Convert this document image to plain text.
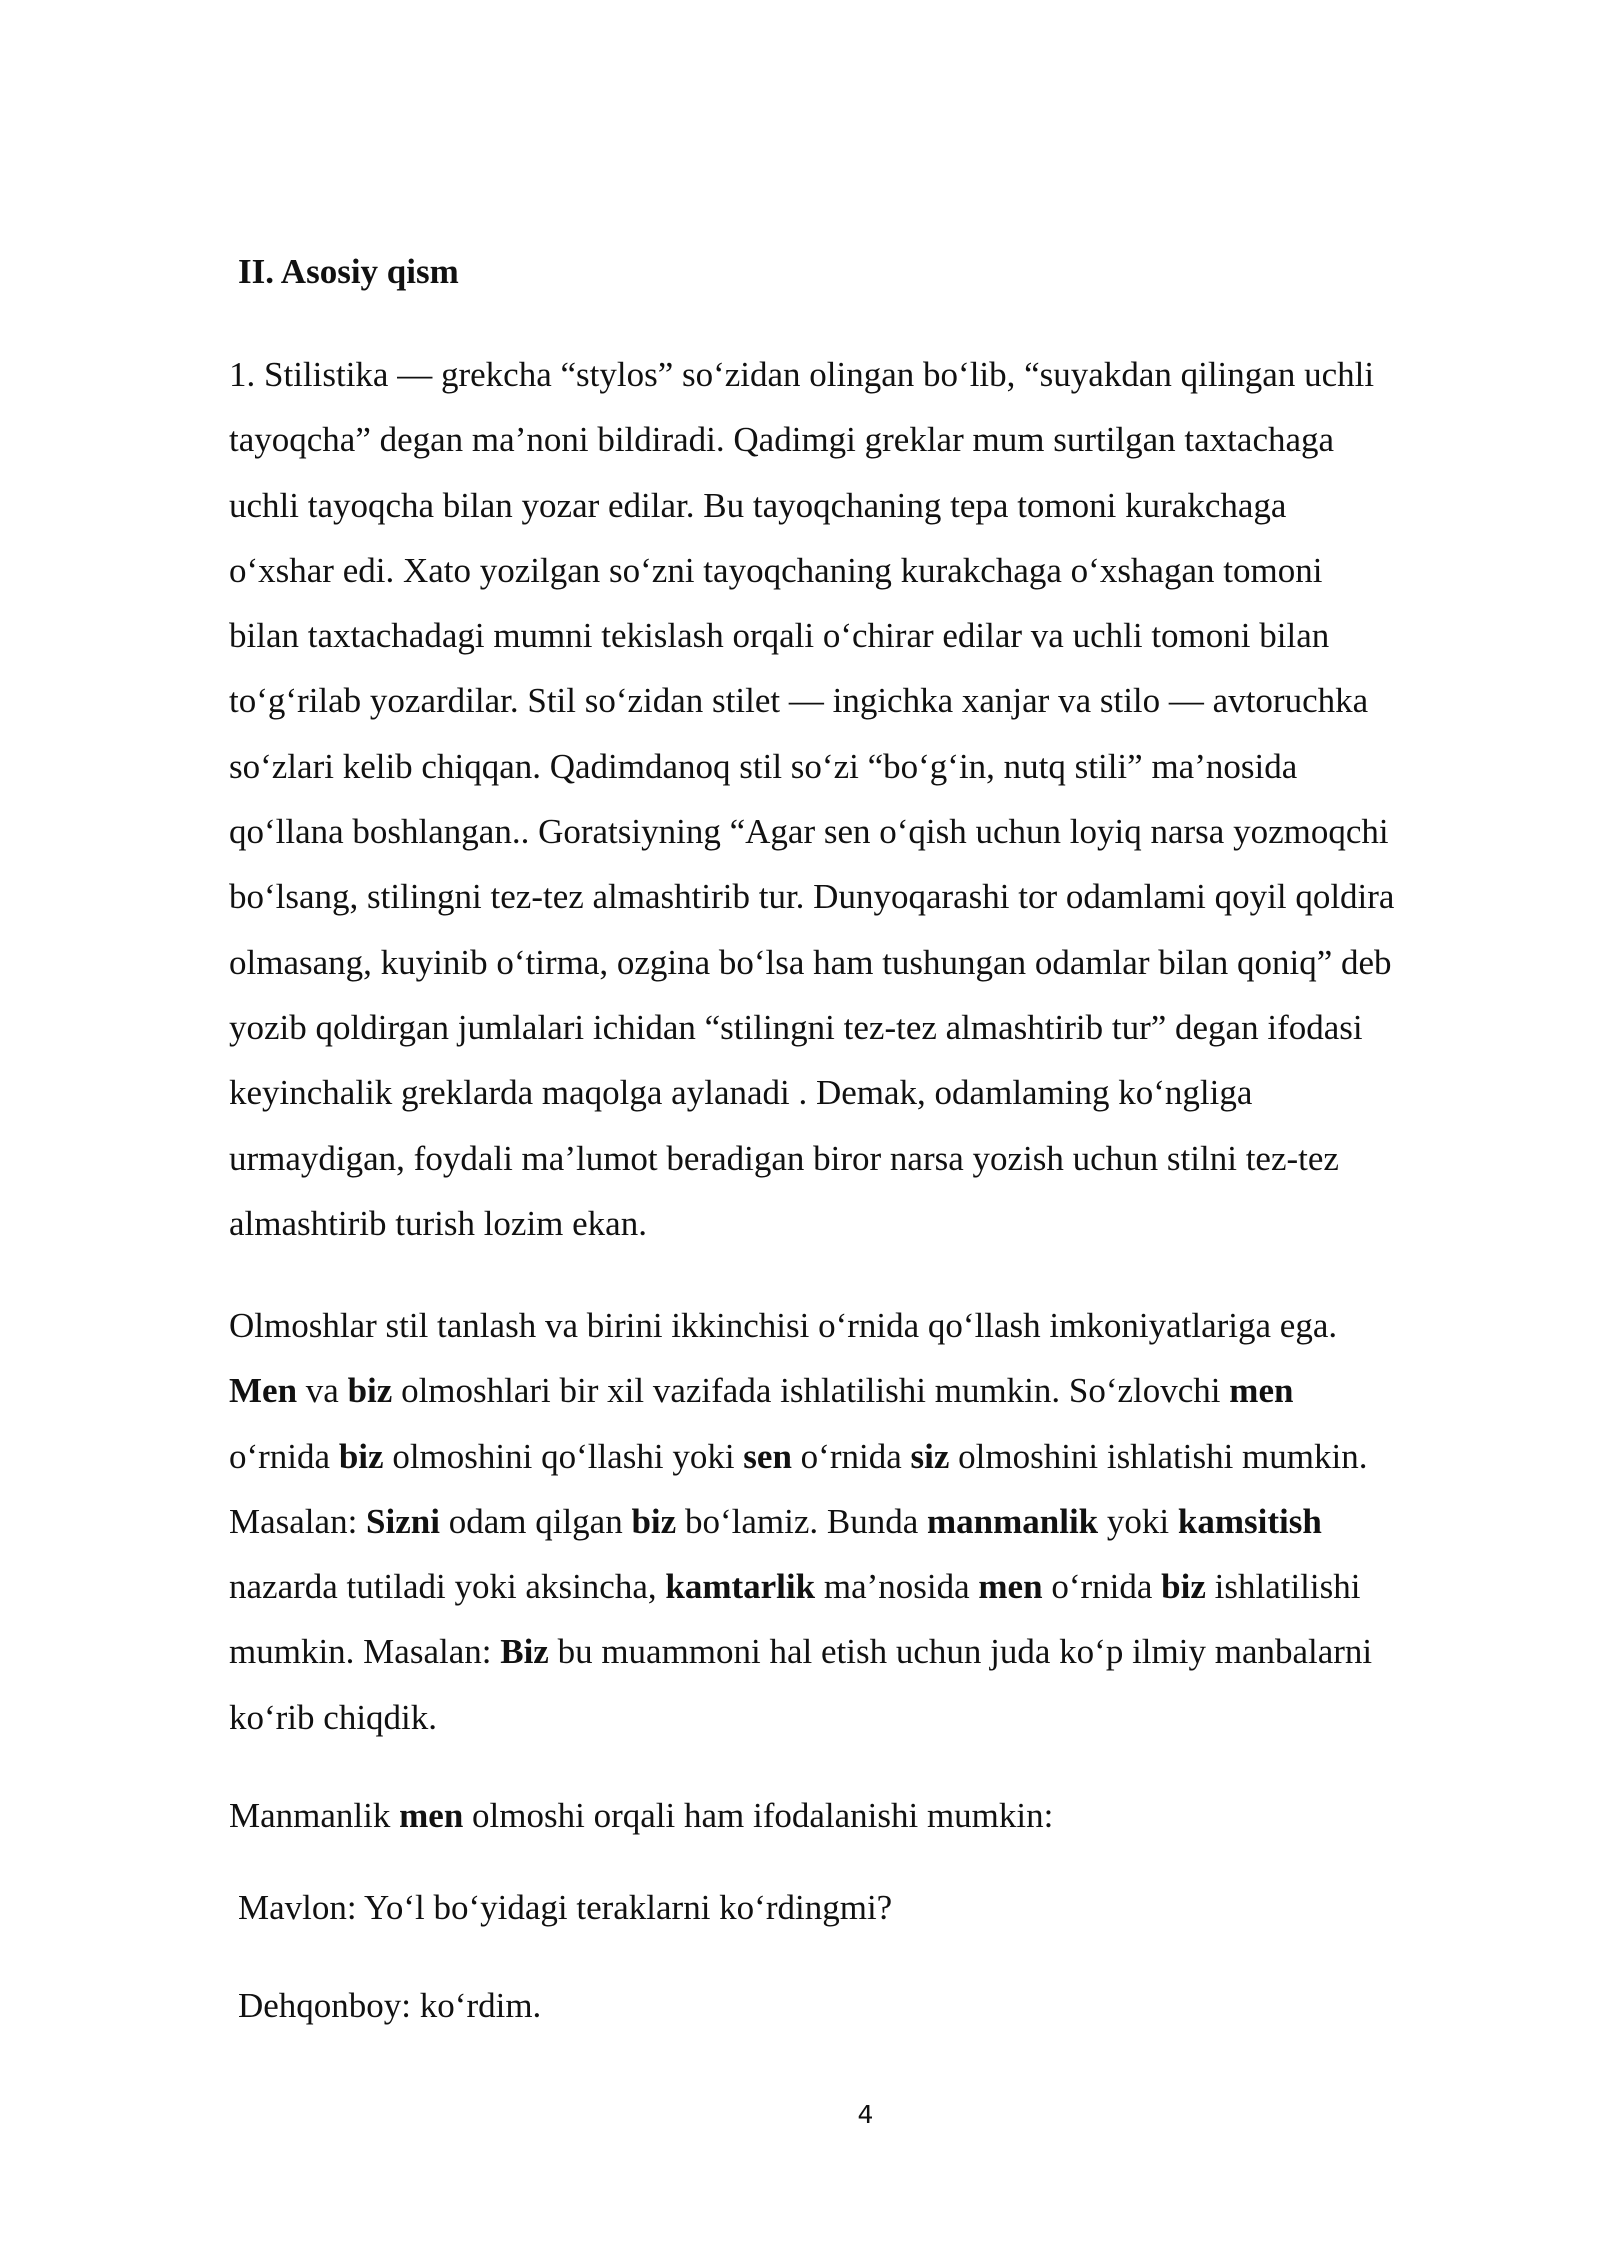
II. Asosiy qism

1. Stilistika — grekcha “stylos” so‘zidan olingan bo‘lib, “suyakdan qilingan uchli
tayoqcha” degan ma’noni bildiradi. Qadimgi greklar mum surtilgan taxtachaga
uchli tayoqcha bilan yozar edilar. Bu tayoqchaning tepa tomoni kurakchaga
o‘xshar edi. Xato yozilgan so‘zni tayoqchaning kurakchaga o‘xshagan tomoni
bilan taxtachadagi mumni tekislash orqali o‘chirar edilar va uchli tomoni bilan
to‘g‘rilab yozardilar. Stil so‘zidan stilet — ingichka xanjar va stilo — avtoruchka
so‘zlari kelib chiqqan. Qadimdanoq stil so‘zi “bo‘g‘in, nutq stili” ma’nosida
qo‘llana boshlangan.. Goratsiyning “Agar sen o‘qish uchun loyiq narsa yozmoqchi
bo‘lsang, stilingni tez-tez almashtirib tur. Dunyoqarashi tor odamlami qoyil qoldira
olmasang, kuyinib o‘tirma, ozgina bo‘lsa ham tushungan odamlar bilan qoniq” deb
yozib qoldirgan jumlalari ichidan “stilingni tez-tez almashtirib tur” degan ifodasi
keyinchalik greklarda maqolga aylanadi . Demak, odamlaming ko‘ngliga
urmaydigan, foydali ma’lumot beradigan biror narsa yozish uchun stilni tez-tez
almashtirib turish lozim ekan.

Olmoshlar stil tanlash va birini ikkinchisi o‘rnida qo‘llash imkoniyatlariga ega.
Men va biz olmoshlari bir xil vazifada ishlatilishi mumkin. So‘zlovchi men
o‘rnida biz olmoshini qo‘llashi yoki sen o‘rnida siz olmoshini ishlatishi mumkin.
Masalan: Sizni odam qilgan biz bo‘lamiz. Bunda manmanlik yoki kamsitish
nazarda tutiladi yoki aksincha, kamtarlik ma’nosida men o‘rnida biz ishlatilishi
mumkin. Masalan: Biz bu muammoni hal etish uchun juda ko‘p ilmiy manbalarni
ko‘rib chiqdik.

Manmanlik men olmoshi orqali ham ifodalanishi mumkin:

Mavlon: Yo‘l bo‘yidagi teraklarni ko‘rdingmi?

Dehqonboy: ko‘rdim.

4
